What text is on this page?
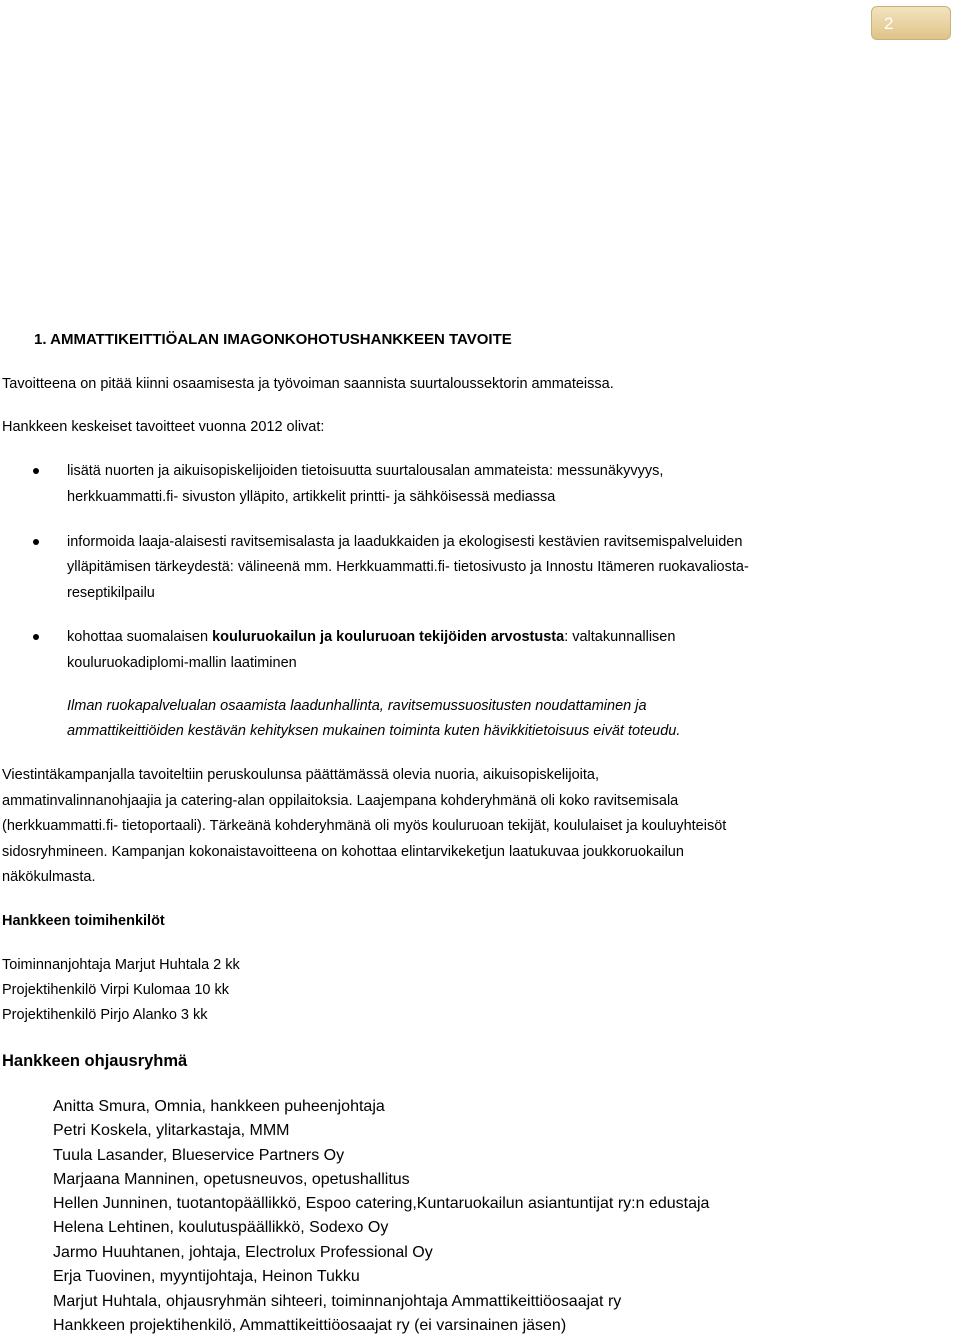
2
1. AMMATTIKEITTIÖALAN IMAGONKOHOTUSHANKKEEN TAVOITE
Tavoitteena on pitää kiinni osaamisesta ja työvoiman saannista suurtaloussektorin ammateissa.
Hankkeen keskeiset tavoitteet vuonna 2012 olivat:
lisätä nuorten ja aikuisopiskelijoiden tietoisuutta suurtalousalan ammateista: messunäkyvyys,
herkkuammatti.fi- sivuston ylläpito, artikkelit printti- ja sähköisessä mediassa
informoida laaja-alaisesti ravitsemisalasta ja laadukkaiden ja ekologisesti kestävien ravitsemispalveluiden
ylläpitämisen tärkeydestä: välineenä mm. Herkkuammatti.fi- tietosivusto ja Innostu Itämeren ruokavaliosta-
reseptikilpailu
kohottaa suomalaisen kouluruokailun ja kouluruoan tekijöiden arvostusta: valtakunnallisen
kouluruokadiplomi-mallin laatiminen
Ilman ruokapalvelualan osaamista laadunhallinta, ravitsemussuositusten noudattaminen ja
ammattikeittiöiden kestävän kehityksen mukainen toiminta kuten hävikkitietoisuus eivät toteudu.
Viestintäkampanjalla tavoiteltiin peruskoulunsa päättämässä olevia nuoria, aikuisopiskelijoita,
ammatinvalinnanohjaajia ja catering-alan oppilaitoksia. Laajempana kohderyhmänä oli koko ravitsemisala
(herkkuammatti.fi- tietoportaali). Tärkeänä kohderyhmänä oli myös kouluruoan tekijät, koululaiset ja kouluyhteisöt
sidosryhmineen. Kampanjan kokonaistavoitteena on kohottaa elintarvikeketjun laatukuvaa joukkoruokailun
näkökulmasta.
Hankkeen toimihenkilöt
Toiminnanjohtaja Marjut Huhtala 2 kk
Projektihenkilö Virpi Kulomaa 10 kk
Projektihenkilö Pirjo Alanko 3 kk
Hankkeen ohjausryhmä
Anitta Smura, Omnia, hankkeen puheenjohtaja
Petri Koskela, ylitarkastaja, MMM
Tuula Lasander, Blueservice Partners Oy
Marjaana Manninen, opetusneuvos, opetushallitus
Hellen Junninen, tuotantopäällikkö, Espoo catering,Kuntaruokailun asiantuntijat ry:n edustaja
Helena Lehtinen, koulutuspäällikkö, Sodexo Oy
Jarmo Huuhtanen, johtaja, Electrolux Professional Oy
Erja Tuovinen, myyntijohtaja, Heinon Tukku
Marjut Huhtala, ohjausryhmän sihteeri, toiminnanjohtaja Ammattikeittiöosaajat ry
Hankkeen projektihenkilö, Ammattikeittiöosaajat ry (ei varsinainen jäsen)
